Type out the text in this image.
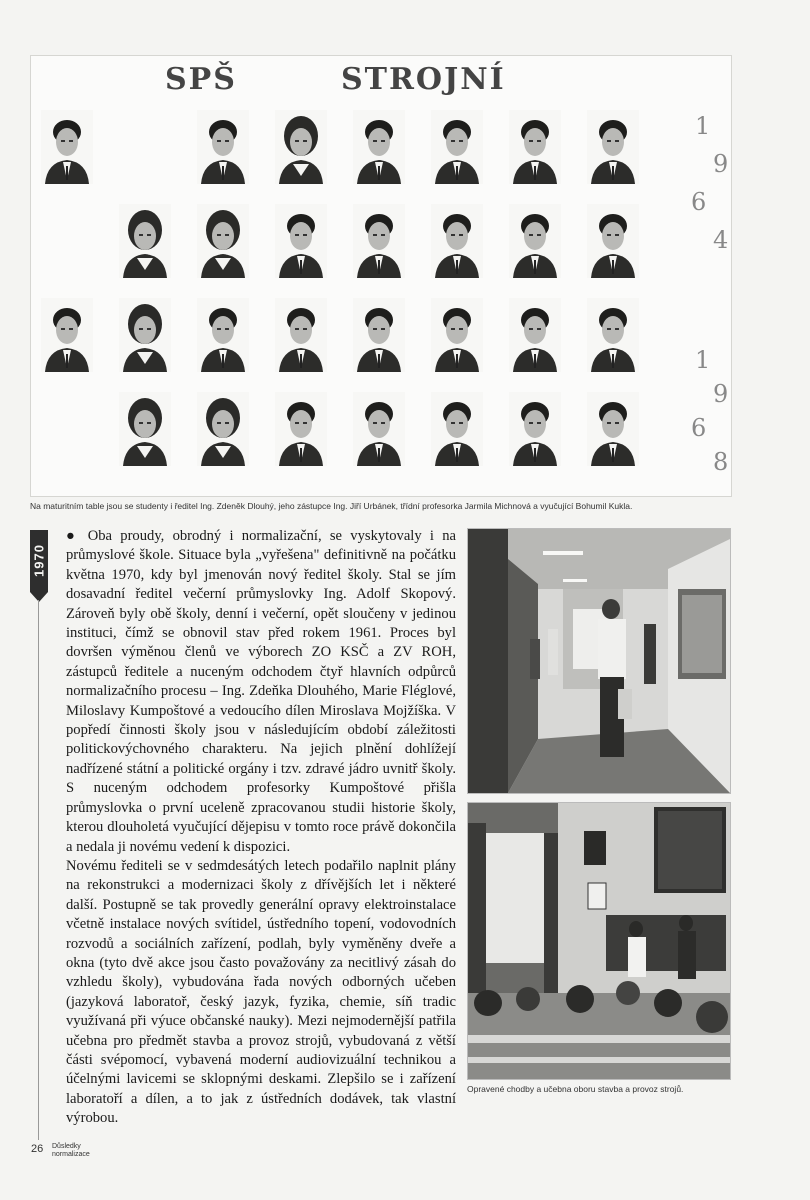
SPŠ	STROJNÍ
1
9
6
4
1
9
6
8
Na maturitním table jsou se studenty i ředitel Ing. Zdeněk Dlouhý, jeho zástupce Ing. Jiří Urbánek, třídní profesorka Jarmila Michnová a vyučující Bohumil Kukla.
1970

● Oba proudy, obrodný i normalizační, se vyskytovaly i na průmyslové škole. Situace byla „vyřešena" definitivně na počátku května 1970, kdy byl jmenován nový ředitel školy. Stal se jím dosavadní ředitel večerní průmyslovky Ing. Adolf Skopový. Zároveň byly obě školy, denní i večerní, opět sloučeny v jedinou instituci, čímž se obnovil stav před rokem 1961. Proces byl dovršen výměnou členů ve výborech ZO KSČ a ZV ROH, zástupců ředitele a nuceným odchodem čtyř hlavních odpůrců normalizačního procesu – Ing. Zdeňka Dlouhého, Marie Fléglové, Miloslavy Kumpoštové a vedoucího dílen Miroslava Mojžíška. V popředí činnosti školy jsou v následujícím období záležitosti politickovýchovného charakteru. Na jejich plnění dohlížejí nadřízené státní a politické orgány i tzv. zdravé jádro uvnitř školy. S nuceným odchodem profesorky Kumpoštové přišla průmyslovka o první uceleně zpracovanou studii historie školy, kterou dlouholetá vyučující dějepisu v tomto roce právě dokončila a nedala ji novému vedení k dispozici.

Novému řediteli se v sedmdesátých letech podařilo naplnit plány na rekonstrukci a modernizaci školy z dřívějších let i některé další. Postupně se tak provedly generální opravy elektroinstalace včetně instalace nových svítidel, ústředního topení, vodovodních rozvodů a sociálních zařízení, podlah, byly vyměněny dveře a okna (tyto dvě akce jsou často považovány za necitlivý zásah do vzhledu školy), vybudována řada nových odborných učeben (jazyková laboratoř, český jazyk, fyzika, chemie, síň tradic využívaná při výuce občanské nauky). Mezi nejmodernější patřila učebna pro předmět stavba a provoz strojů, vybudovaná z větší části svépomocí, vybavená moderní audiovizuální technikou a účelnými lavicemi se sklopnými deskami. Zlepšilo se i zařízení laboratoří a dílen, a to jak z ústředních dodávek, tak vlastní výrobou.

Opravené chodby a učebna oboru stavba a provoz strojů.
26 Důsledky
normalizace
